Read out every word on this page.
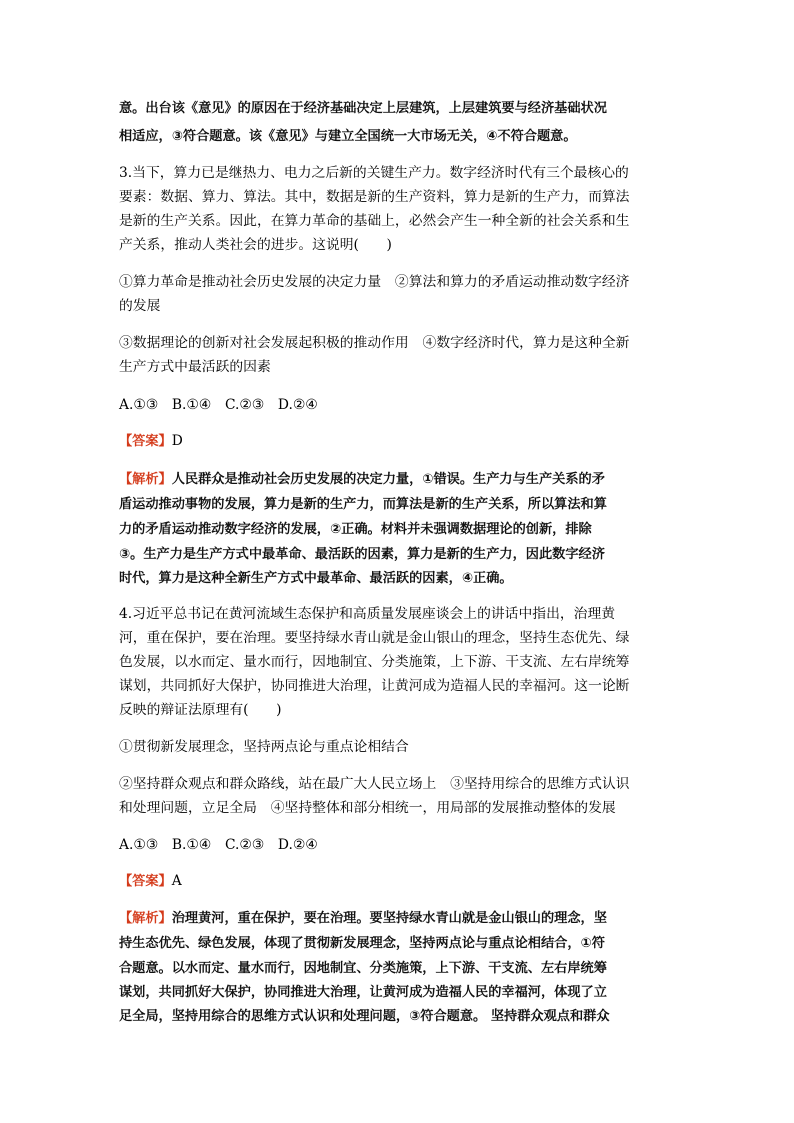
意。出台该《意见》的原因在于经济基础决定上层建筑，上层建筑要与经济基础状况
相适应，③符合题意。该《意见》与建立全国统一大市场无关，④不符合题意。
3.当下，算力已是继热力、电力之后新的关键生产力。数字经济时代有三个最核心的
要素：数据、算力、算法。其中，数据是新的生产资料，算力是新的生产力，而算法
是新的生产关系。因此，在算力革命的基础上，必然会产生一种全新的社会关系和生
产关系，推动人类社会的进步。这说明(　　)
①算力革命是推动社会历史发展的决定力量　②算法和算力的矛盾运动推动数字经济
的发展
③数据理论的创新对社会发展起积极的推动作用　④数字经济时代，算力是这种全新
生产方式中最活跃的因素
A.①③　B.①④　C.②③　D.②④
【答案】D
【解析】人民群众是推动社会历史发展的决定力量，①错误。生产力与生产关系的矛
盾运动推动事物的发展，算力是新的生产力，而算法是新的生产关系，所以算法和算
力的矛盾运动推动数字经济的发展，②正确。材料并未强调数据理论的创新，排除
③。生产力是生产方式中最革命、最活跃的因素，算力是新的生产力，因此数字经济
时代，算力是这种全新生产方式中最革命、最活跃的因素，④正确。
4.习近平总书记在黄河流域生态保护和高质量发展座谈会上的讲话中指出，治理黄
河，重在保护，要在治理。要坚持绿水青山就是金山银山的理念，坚持生态优先、绿
色发展，以水而定、量水而行，因地制宜、分类施策，上下游、干支流、左右岸统筹
谋划，共同抓好大保护，协同推进大治理，让黄河成为造福人民的幸福河。这一论断
反映的辩证法原理有(　　)
①贯彻新发展理念，坚持两点论与重点论相结合
②坚持群众观点和群众路线，站在最广大人民立场上　③坚持用综合的思维方式认识
和处理问题，立足全局　④坚持整体和部分相统一，用局部的发展推动整体的发展
A.①③　B.①④　C.②③　D.②④
【答案】A
【解析】治理黄河，重在保护，要在治理。要坚持绿水青山就是金山银山的理念，坚
持生态优先、绿色发展，体现了贯彻新发展理念，坚持两点论与重点论相结合，①符
合题意。以水而定、量水而行，因地制宜、分类施策，上下游、干支流、左右岸统筹
谋划，共同抓好大保护，协同推进大治理，让黄河成为造福人民的幸福河，体现了立
足全局，坚持用综合的思维方式认识和处理问题，③符合题意。 坚持群众观点和群众
